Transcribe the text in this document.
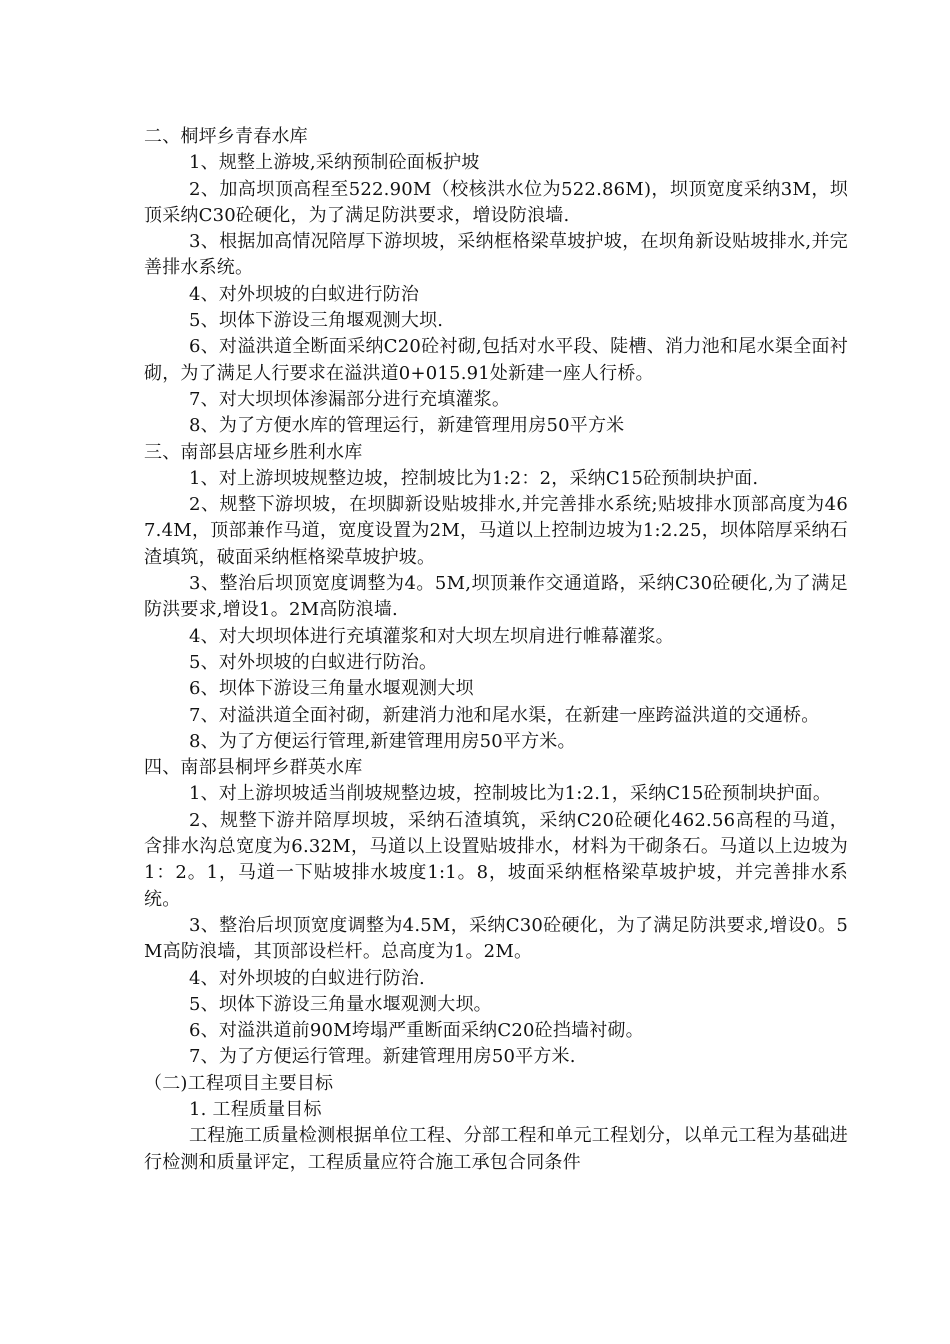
二、桐坪乡青春水库

1、规整上游坡,采纳预制砼面板护坡

2、加高坝顶高程至522.90M（校核洪水位为522.86M)，坝顶宽度采纳3M，坝顶采纳C30砼硬化，为了满足防洪要求，增设防浪墙.

3、根据加高情况陪厚下游坝坡，采纳框格梁草坡护坡，在坝角新设贴坡排水,并完善排水系统。

4、对外坝坡的白蚁进行防治

5、坝体下游设三角堰观测大坝.

6、对溢洪道全断面采纳C20砼衬砌,包括对水平段、陡槽、消力池和尾水渠全面衬砌，为了满足人行要求在溢洪道0+015.91处新建一座人行桥。

7、对大坝坝体渗漏部分进行充填灌浆。

8、为了方便水库的管理运行，新建管理用房50平方米

三、南部县店垭乡胜利水库

1、对上游坝坡规整边坡，控制坡比为1:2：2，采纳C15砼预制块护面.

2、规整下游坝坡，在坝脚新设贴坡排水,并完善排水系统;贴坡排水顶部高度为467.4M，顶部兼作马道，宽度设置为2M，马道以上控制边坡为1:2.25，坝体陪厚采纳石渣填筑，破面采纳框格梁草坡护坡。

3、整治后坝顶宽度调整为4。5M,坝顶兼作交通道路，采纳C30砼硬化,为了满足防洪要求,增设1。2M高防浪墙.

4、对大坝坝体进行充填灌浆和对大坝左坝肩进行帷幕灌浆。

5、对外坝坡的白蚁进行防治。

6、坝体下游设三角量水堰观测大坝

7、对溢洪道全面衬砌，新建消力池和尾水渠，在新建一座跨溢洪道的交通桥。

8、为了方便运行管理,新建管理用房50平方米。

四、南部县桐坪乡群英水库

1、对上游坝坡适当削坡规整边坡，控制坡比为1:2.1，采纳C15砼预制块护面。

2、规整下游并陪厚坝坡，采纳石渣填筑，采纳C20砼硬化462.56高程的马道，含排水沟总宽度为6.32M，马道以上设置贴坡排水，材料为干砌条石。马道以上边坡为1：2。1，马道一下贴坡排水坡度1:1。8，坡面采纳框格梁草坡护坡，并完善排水系统。

3、整治后坝顶宽度调整为4.5M，采纳C30砼硬化，为了满足防洪要求,增设0。5M高防浪墙，其顶部设栏杆。总高度为1。2M。

4、对外坝坡的白蚁进行防治.

5、坝体下游设三角量水堰观测大坝。

6、对溢洪道前90M垮塌严重断面采纳C20砼挡墙衬砌。

7、为了方便运行管理。新建管理用房50平方米.

（二)工程项目主要目标

1. 工程质量目标

工程施工质量检测根据单位工程、分部工程和单元工程划分，以单元工程为基础进行检测和质量评定，工程质量应符合施工承包合同条件
